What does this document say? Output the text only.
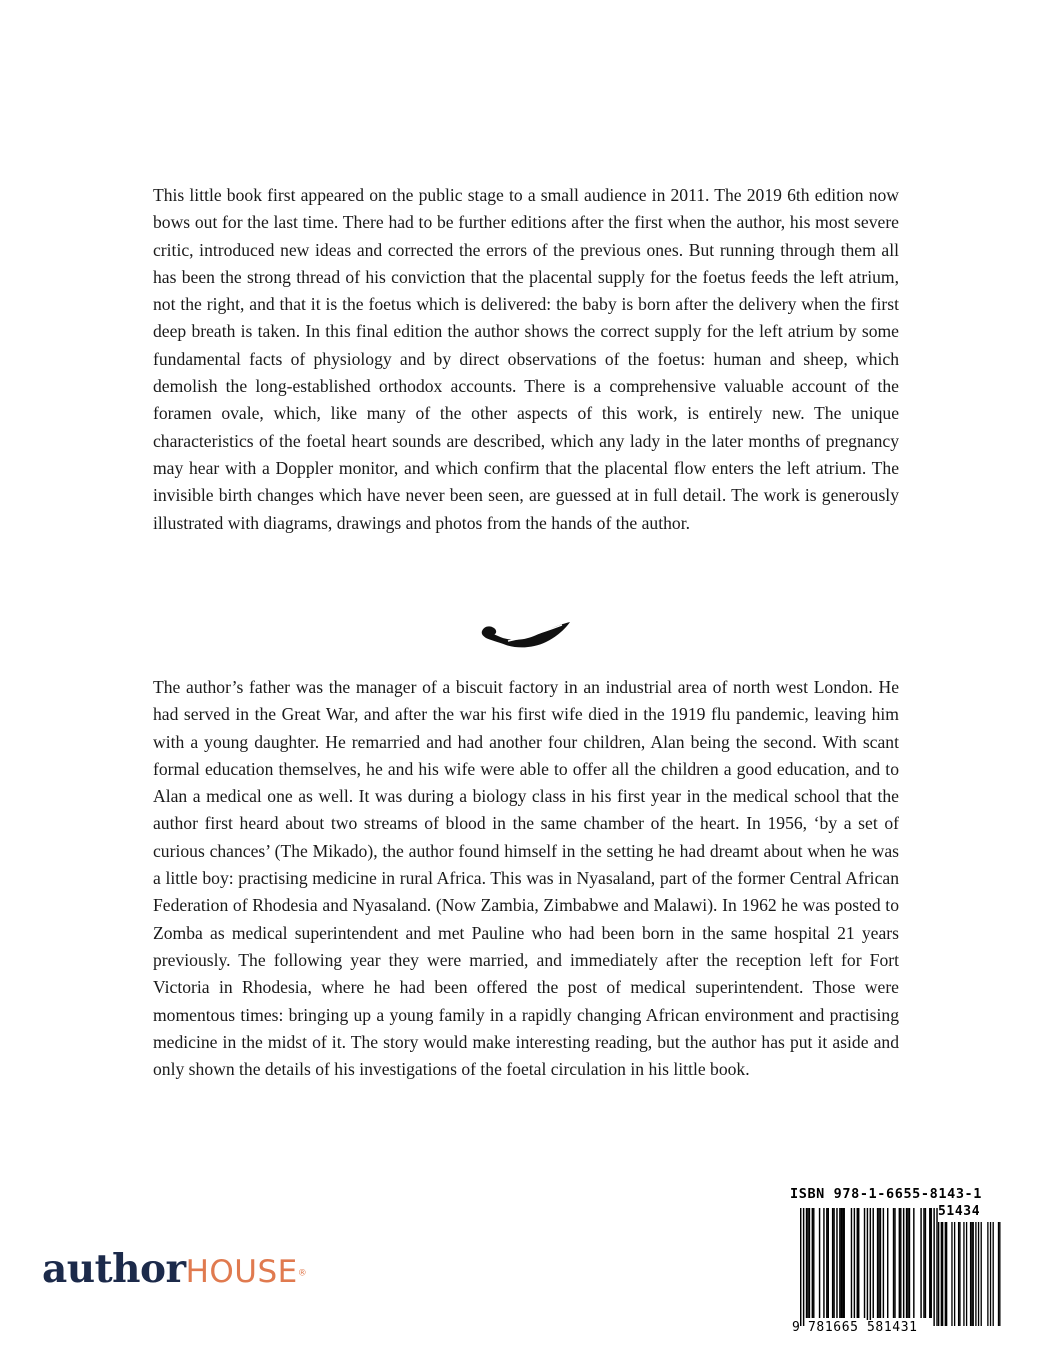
This little book first appeared on the public stage to a small audience in 2011. The 2019 6th edition now bows out for the last time. There had to be further editions after the first when the author, his most severe critic, introduced new ideas and corrected the errors of the previous ones. But running through them all has been the strong thread of his conviction that the placental supply for the foetus feeds the left atrium, not the right, and that it is the foetus which is delivered: the baby is born after the delivery when the first deep breath is taken. In this final edition the author shows the correct supply for the left atrium by some fundamental facts of physiology and by direct observations of the foetus: human and sheep, which demolish the long-established orthodox accounts. There is a comprehensive valuable account of the foramen ovale, which, like many of the other aspects of this work, is entirely new. The unique characteristics of the foetal heart sounds are described, which any lady in the later months of pregnancy may hear with a Doppler monitor, and which confirm that the placental flow enters the left atrium. The invisible birth changes which have never been seen, are guessed at in full detail. The work is generously illustrated with diagrams, drawings and photos from the hands of the author.

The author’s father was the manager of a biscuit factory in an industrial area of north west London. He had served in the Great War, and after the war his first wife died in the 1919 flu pandemic, leaving him with a young daughter. He remarried and had another four children, Alan being the second. With scant formal education themselves, he and his wife were able to offer all the children a good education, and to Alan a medical one as well. It was during a biology class in his first year in the medical school that the author first heard about two streams of blood in the same chamber of the heart. In 1956, ‘by a set of curious chances’ (The Mikado), the author found himself in the setting he had dreamt about when he was a little boy: practising medicine in rural Africa. This was in Nyasaland, part of the former Central African Federation of Rhodesia and Nyasaland. (Now Zambia, Zimbabwe and Malawi). In 1962 he was posted to Zomba as medical superintendent and met Pauline who had been born in the same hospital 21 years previously. The following year they were married, and immediately after the reception left for Fort Victoria in Rhodesia, where he had been offered the post of medical superintendent. Those were momentous times: bringing up a young family in a rapidly changing African environment and practising medicine in the midst of it. The story would make interesting reading, but the author has put it aside and only shown the details of his investigations of the foetal circulation in his little book.

authorHOUSE®
ISBN 978-1-6655-8143-1
51434
9 781665 581431
